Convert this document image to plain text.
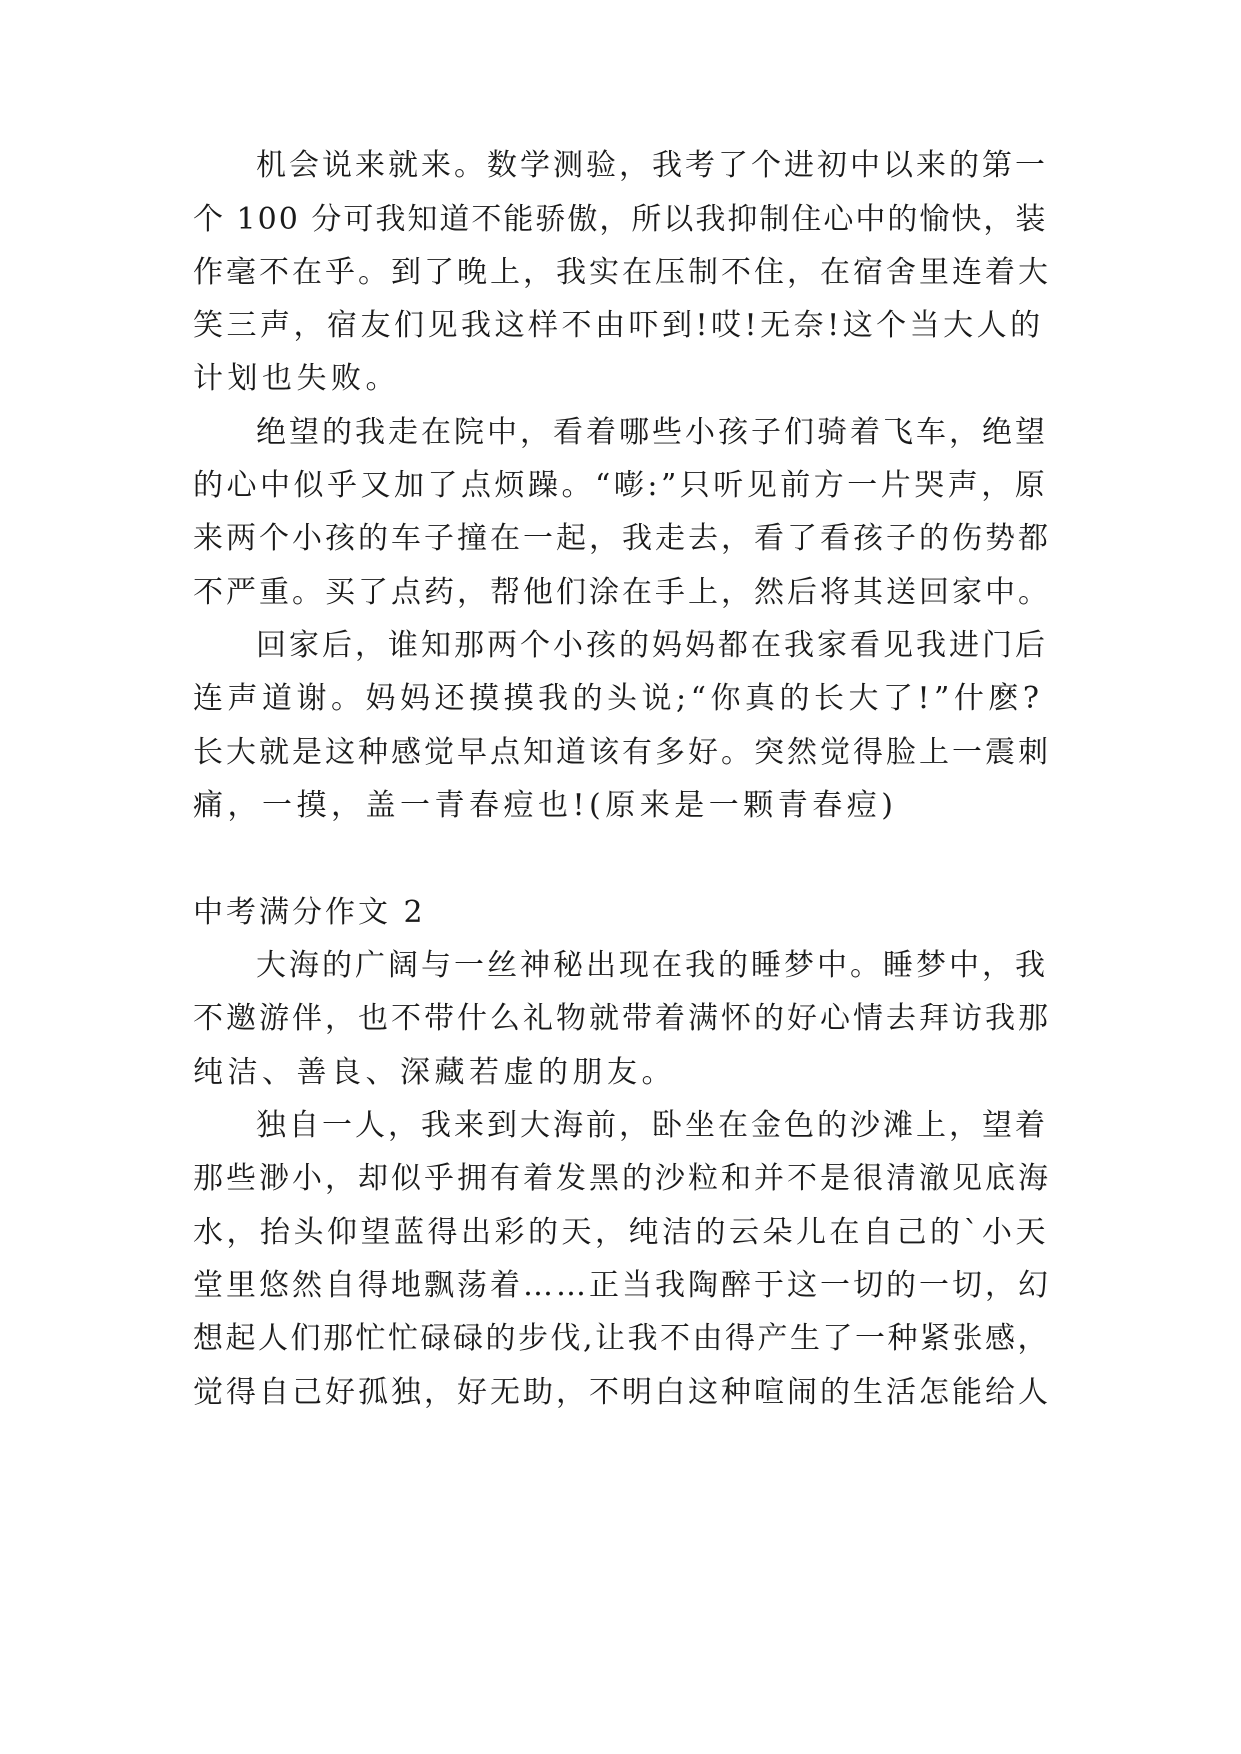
机会说来就来。数学测验，我考了个进初中以来的第一
个 100 分可我知道不能骄傲，所以我抑制住心中的愉快，装
作毫不在乎。到了晚上，我实在压制不住，在宿舍里连着大
笑三声，宿友们见我这样不由吓到!哎!无奈!这个当大人的
计划也失败。
绝望的我走在院中，看着哪些小孩子们骑着飞车，绝望
的心中似乎又加了点烦躁。“嘭:”只听见前方一片哭声，原
来两个小孩的车子撞在一起，我走去，看了看孩子的伤势都
不严重。买了点药，帮他们涂在手上，然后将其送回家中。
回家后，谁知那两个小孩的妈妈都在我家看见我进门后
连声道谢。妈妈还摸摸我的头说;“你真的长大了!”什麽?
长大就是这种感觉早点知道该有多好。突然觉得脸上一震刺
痛，一摸，盖一青春痘也!(原来是一颗青春痘)
中考满分作文 2
大海的广阔与一丝神秘出现在我的睡梦中。睡梦中，我
不邀游伴，也不带什么礼物就带着满怀的好心情去拜访我那
纯洁、善良、深藏若虚的朋友。
独自一人，我来到大海前，卧坐在金色的沙滩上，望着
那些渺小，却似乎拥有着发黑的沙粒和并不是很清澈见底海
水，抬头仰望蓝得出彩的天，纯洁的云朵儿在自己的`小天
堂里悠然自得地飘荡着……正当我陶醉于这一切的一切，幻
想起人们那忙忙碌碌的步伐,让我不由得产生了一种紧张感，
觉得自己好孤独，好无助，不明白这种喧闹的生活怎能给人
